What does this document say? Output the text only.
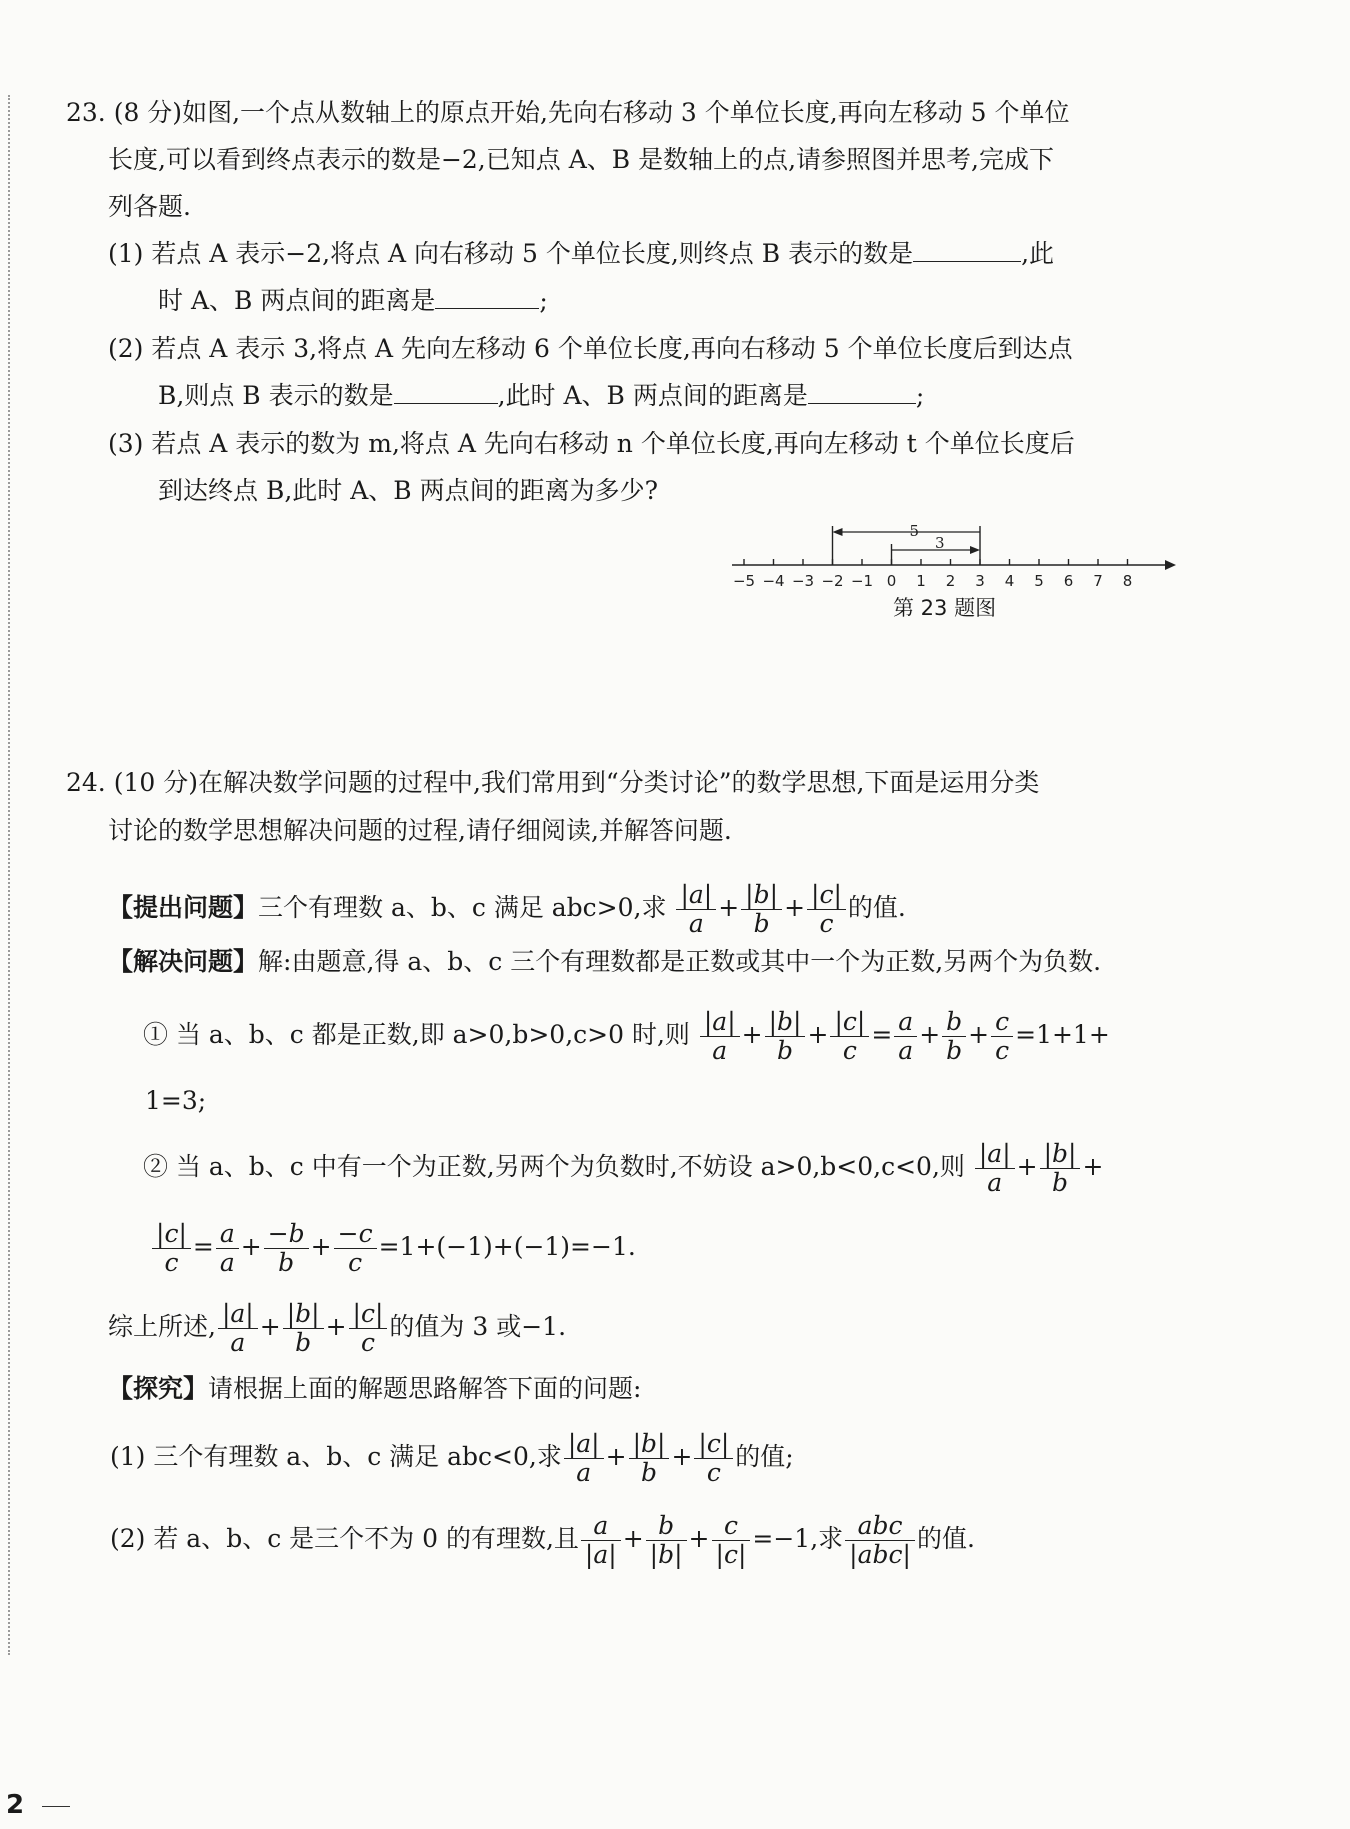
23. (8 分)如图,一个点从数轴上的原点开始,先向右移动 3 个单位长度,再向左移动 5 个单位
长度,可以看到终点表示的数是−2,已知点 A、B 是数轴上的点,请参照图并思考,完成下
列各题.
(1) 若点 A 表示−2,将点 A 向右移动 5 个单位长度,则终点 B 表示的数是	,此
时 A、B 两点间的距离是	;
(2) 若点 A 表示 3,将点 A 先向左移动 6 个单位长度,再向右移动 5 个单位长度后到达点
B,则点 B 表示的数是	,此时 A、B 两点间的距离是	;
(3) 若点 A 表示的数为 m,将点 A 先向右移动 n 个单位长度,再向左移动 t 个单位长度后
到达终点 B,此时 A、B 两点间的距离为多少?
−5 −4 −3 −2 −1 0 1 2 3 4 5 6 7 8
5
3
第 23 题图
24. (10 分)在解决数学问题的过程中,我们常用到“分类讨论”的数学思想,下面是运用分类
讨论的数学思想解决问题的过程,请仔细阅读,并解答问题.
【提出问题】三个有理数 a、b、c 满足 abc>0,求 $\frac{|a|}{a} + \frac{|b|}{b} + \frac{|c|}{c}$ 的值.
【解决问题】解:由题意,得 a、b、c 三个有理数都是正数或其中一个为正数,另两个为负数.
① 当 a、b、c 都是正数,即 a>0,b>0,c>0 时,则 $\frac{|a|}{a} + \frac{|b|}{b} + \frac{|c|}{c} = \frac{a}{a} + \frac{b}{b} + \frac{c}{c} =1+1+$
1=3;
② 当 a、b、c 中有一个为正数,另两个为负数时,不妨设 a>0,b<0,c<0,则 $\frac{|a|}{a} + \frac{|b|}{b}$ +
$\frac{|c|}{c} = \frac{a}{a} + \frac{-b}{b} + \frac{-c}{c} =1+(-1)+(-1)=-1$.
综上所述, $\frac{|a|}{a} + \frac{|b|}{b} + \frac{|c|}{c}$ 的值为 3 或−1.
【探究】请根据上面的解题思路解答下面的问题:
(1) 三个有理数 a、b、c 满足 abc<0,求 $\frac{|a|}{a} + \frac{|b|}{b} + \frac{|c|}{c}$ 的值;
(2) 若 a、b、c 是三个不为 0 的有理数,且 $\frac{a}{|a|} + \frac{b}{|b|} + \frac{c}{|c|} =-1$,求 $\frac{\text{abc}}{\text{|abc|}}$ 的值.
2
